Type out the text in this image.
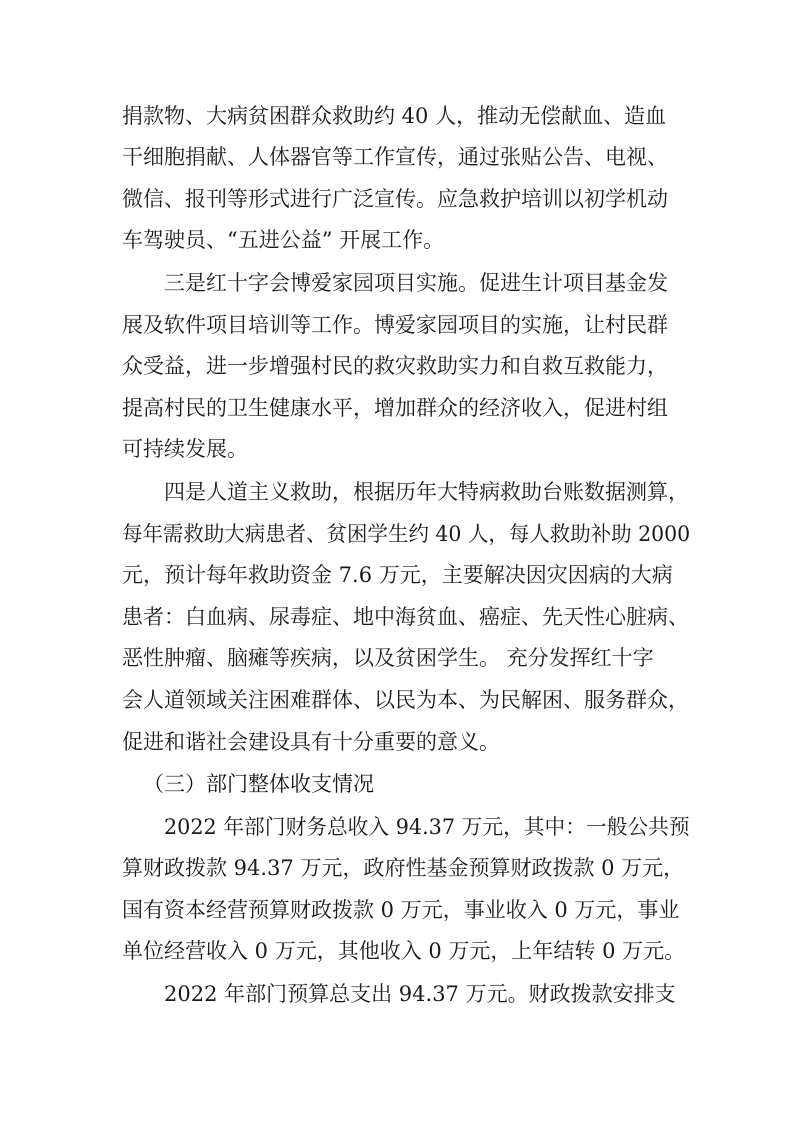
捐款物、大病贫困群众救助约 40 人，推动无偿献血、造血
干细胞捐献、人体器官等工作宣传，通过张贴公告、电视、
微信、报刊等形式进行广泛宣传。应急救护培训以初学机动
车驾驶员、“五进公益” 开展工作。
三是红十字会博爱家园项目实施。促进生计项目基金发
展及软件项目培训等工作。博爱家园项目的实施，让村民群
众受益，进一步增强村民的救灾救助实力和自救互救能力，
提高村民的卫生健康水平，增加群众的经济收入，促进村组
可持续发展。
四是人道主义救助，根据历年大特病救助台账数据测算，
每年需救助大病患者、贫困学生约 40 人，每人救助补助 2000
元，预计每年救助资金 7.6 万元，主要解决因灾因病的大病
患者：白血病、尿毒症、地中海贫血、癌症、先天性心脏病、
恶性肿瘤、脑瘫等疾病，以及贫困学生。 充分发挥红十字
会人道领域关注困难群体、以民为本、为民解困、服务群众，
促进和谐社会建设具有十分重要的意义。
（三）部门整体收支情况
2022 年部门财务总收入 94.37 万元，其中：一般公共预
算财政拨款 94.37 万元，政府性基金预算财政拨款 0 万元，
国有资本经营预算财政拨款 0 万元，事业收入 0 万元，事业
单位经营收入 0 万元，其他收入 0 万元，上年结转 0 万元。
2022 年部门预算总支出 94.37 万元。财政拨款安排支
